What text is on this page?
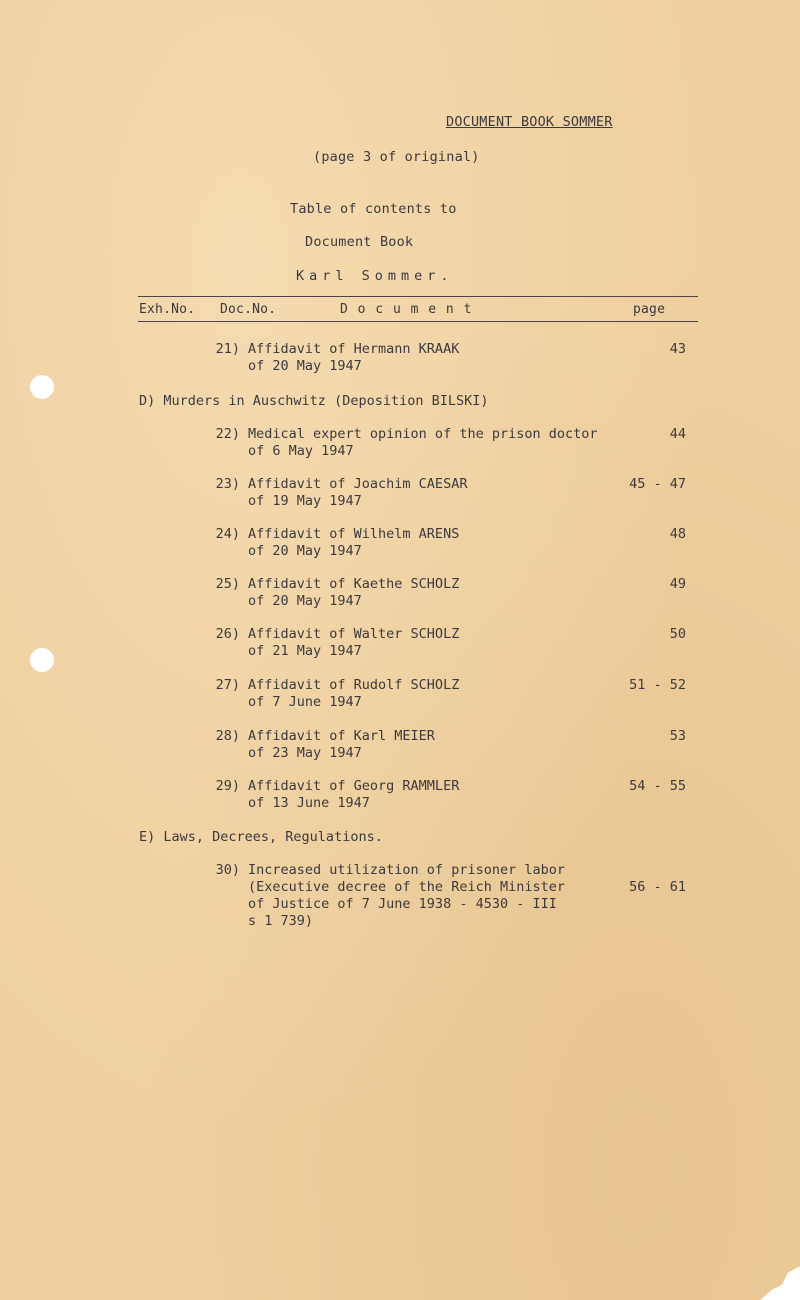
DOCUMENT BOOK SOMMER
(page 3 of original)
Table of contents to
Document Book
Karl Sommer.
Exh.No. Doc.No.	D o c u m e n t	page
21) Affidavit of Hermann KRAAK
of 20 May 1947
43
D) Murders in Auschwitz (Deposition BILSKI)
22) Medical expert opinion of the prison doctor
of 6 May 1947
44
23) Affidavit of Joachim CAESAR
of 19 May 1947
45 - 47
24) Affidavit of Wilhelm ARENS
of 20 May 1947
48
25) Affidavit of Kaethe SCHOLZ
of 20 May 1947
49
26) Affidavit of Walter SCHOLZ
of 21 May 1947
50
27) Affidavit of Rudolf SCHOLZ
of 7 June 1947
51 - 52
28) Affidavit of Karl MEIER
of 23 May 1947
53
29) Affidavit of Georg RAMMLER
of 13 June 1947
54 - 55
E) Laws, Decrees, Regulations.
30) Increased utilization of prisoner labor
(Executive decree of the Reich Minister
of Justice of 7 June 1938 - 4530 - III
s 1 739)

56 - 61
